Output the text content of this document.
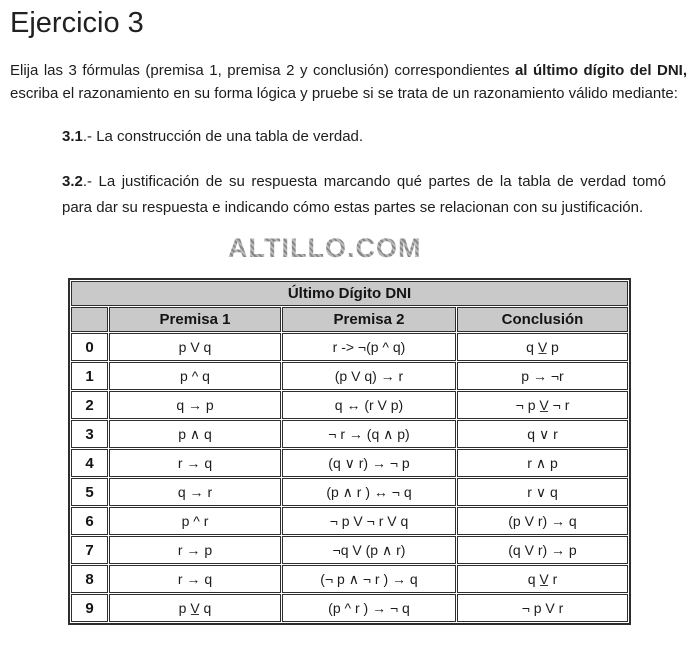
Ejercicio 3

Elija las 3 fórmulas (premisa 1, premisa 2 y conclusión) correspondientes al último dígito del DNI, escriba el razonamiento en su forma lógica y pruebe si se trata de un razonamiento válido mediante:

3.1.- La construcción de una tabla de verdad.

3.2.- La justificación de su respuesta marcando qué partes de la tabla de verdad tomó para dar su respuesta e indicando cómo estas partes se relacionan con su justificación.

ALTILLO.COM
Último Dígito DNI			
	Premisa 1	Premisa 2	Conclusión
0	p V q	r -> ¬(p ^ q)	q V̲ p
1	p ^ q	(p V q) → r	p → ¬r
2	q → p	q ↔ (r V p)	¬ p V̲ ¬ r
3	p ∧ q	¬ r → (q ∧ p)	q ∨ r
4	r → q	(q ∨ r) → ¬ p	r ∧ p
5	q → r	(p ∧ r ) ↔ ¬ q	r ∨ q
6	p ^ r	¬ p V ¬ r V q	(p V r) → q
7	r → p	¬q V (p ∧ r)	(q V r) → p
8	r → q	(¬ p ∧ ¬ r ) → q	q V̲ r
9	p V̲ q	(p ^ r ) → ¬ q	¬ p V r
